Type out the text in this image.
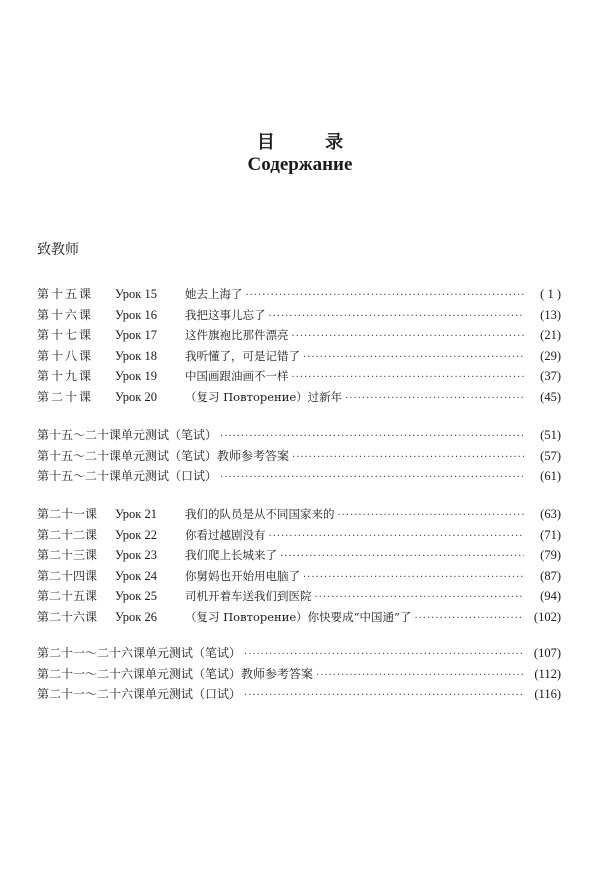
目 录
Содержание
致教师
第十五课	Урок 15	她去上海了 ·····	( 1 )
第十六课	Урок 16	我把这事儿忘了 ·····	(13)
第十七课	Урок 17	这件旗袍比那件漂亮 ·····	(21)
第十八课	Урок 18	我听懂了，可是记错了 ·····	(29)
第十九课	Урок 19	中国画跟油画不一样 ·····	(37)
第二十课	Урок 20	（复习 Повторение）过新年 ·····	(45)
第十五～二十课单元测试（笔试） ·····	(51)
第十五～二十课单元测试（笔试）教师参考答案 ·····	(57)
第十五～二十课单元测试（口试） ·····	(61)
第二十一课	Урок 21	我们的队员是从不同国家来的 ·····	(63)
第二十二课	Урок 22	你看过越剧没有 ·····	(71)
第二十三课	Урок 23	我们爬上长城来了 ·····	(79)
第二十四课	Урок 24	你舅妈也开始用电脑了 ·····	(87)
第二十五课	Урок 25	司机开着车送我们到医院 ·····	(94)
第二十六课	Урок 26	（复习 Повторение）你快要成“中国通”了 ·····	(102)
第二十一～二十六课单元测试（笔试） ·····	(107)
第二十一～二十六课单元测试（笔试）教师参考答案 ·····	(112)
第二十一～二十六课单元测试（口试） ·····	(116)
